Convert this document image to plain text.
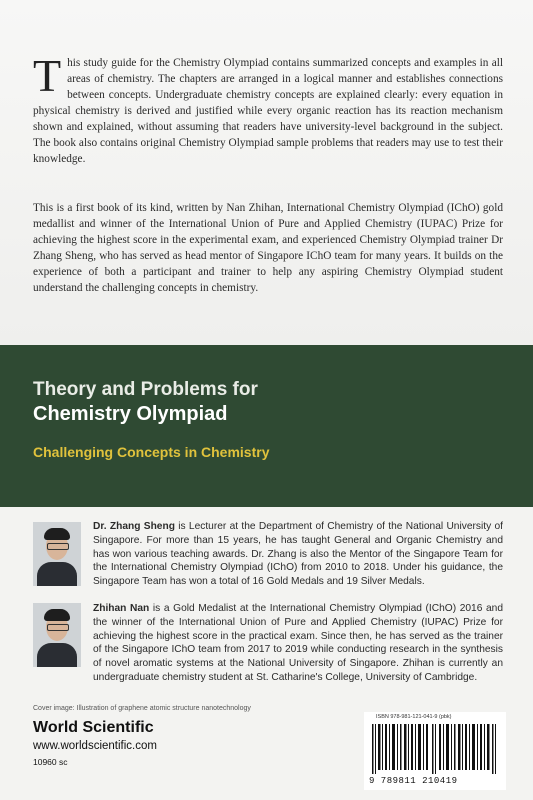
This study guide for the Chemistry Olympiad contains summarized concepts and examples in all areas of chemistry. The chapters are arranged in a logical manner and establishes connections between concepts. Undergraduate chemistry concepts are explained clearly: every equation in physical chemistry is derived and justified while every organic reaction has its reaction mechanism shown and explained, without assuming that readers have university-level background in the subject. The book also contains original Chemistry Olympiad sample problems that readers may use to test their knowledge.

This is a first book of its kind, written by Nan Zhihan, International Chemistry Olympiad (IChO) gold medallist and winner of the International Union of Pure and Applied Chemistry (IUPAC) Prize for achieving the highest score in the experimental exam, and experienced Chemistry Olympiad trainer Dr Zhang Sheng, who has served as head mentor of Singapore IChO team for many years. It builds on the experience of both a participant and trainer to help any aspiring Chemistry Olympiad student understand the challenging concepts in chemistry.

Theory and Problems for
Chemistry Olympiad
Challenging Concepts in Chemistry

Dr. Zhang Sheng is Lecturer at the Department of Chemistry of the National University of Singapore. For more than 15 years, he has taught General and Organic Chemistry and has won various teaching awards. Dr. Zhang is also the Mentor of the Singapore Team for the International Chemistry Olympiad (IChO) from 2010 to 2018. Under his guidance, the Singapore Team has won a total of 16 Gold Medals and 19 Silver Medals.

Zhihan Nan is a Gold Medalist at the International Chemistry Olympiad (IChO) 2016 and the winner of the International Union of Pure and Applied Chemistry (IUPAC) Prize for achieving the highest score in the practical exam. Since then, he has served as the trainer of the Singapore IChO team from 2017 to 2019 while conducting research in the synthesis of novel aromatic systems at the National University of Singapore. Zhihan is currently an undergraduate chemistry student at St. Catharine's College, University of Cambridge.

Cover image: Illustration of graphene atomic structure nanotechnology
World Scientific
www.worldscientific.com
10960 sc
ISBN 978-981-121-041-9 (pbk)
9 789811 210419
